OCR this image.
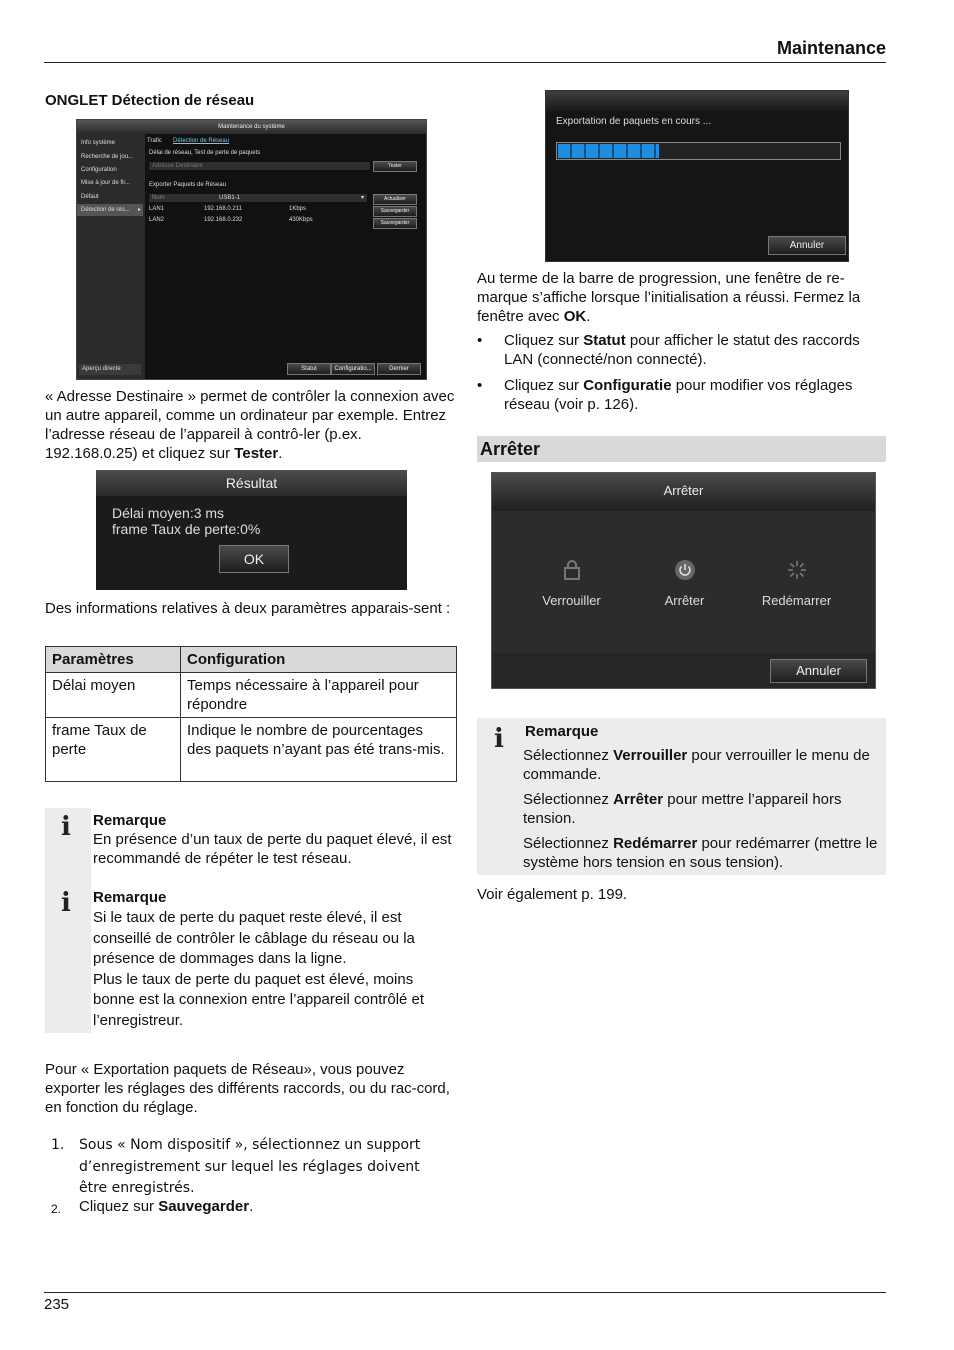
Maintenance
ONGLET Détection de réseau
Maintenance du système
Info système
Recherche de jou...
Configuration
Mise à jour de fir...
Défaut
Détection de rés... ▸
Aperçu directe
Trafic Détection de Réseau
Délai de réseau, Test de perte de paquets
Adresse Destinaire	Tester
Exporter Paquets de Réseau
Nom	USB1-1	▾	Actualiser
LAN1	192.168.0.211	1Kbps	Sauvegarder
LAN2	192.168.0.232	430Kbps	Sauvegarder
Statut	Configuratio...	Dernier

« Adresse Destinaire » permet de contrôler la connexion avec un autre appareil, comme un ordinateur par exemple. Entrez l’adresse réseau de l’appareil à contrô-ler (p.ex. 192.168.0.25) et cliquez sur Tester.

Résultat
Délai moyen:3 ms
frame Taux de perte:0%
OK

Des informations relatives à deux paramètres apparais-sent :

Paramètres	Configuration
Délai moyen	Temps nécessaire à l’appareil pour répondre
frame Taux de perte	Indique le nombre de pourcentages des paquets n’ayant pas été trans-mis.
i
i
Remarque
En présence d’un taux de perte du paquet élevé, il est recommandé de répéter le test réseau.
Remarque
Si le taux de perte du paquet reste élevé, il est conseillé de contrôler le câblage du réseau ou la présence de dommages dans la ligne.
Plus le taux de perte du paquet est élevé, moins bonne est la connexion entre l’appareil contrôlé et l’enregistreur.

Pour « Exportation paquets de Réseau», vous pouvez exporter les réglages des différents raccords, ou du rac-cord, en fonction du réglage.

1. Sous « Nom dispositif », sélectionnez un support d’enregistrement sur lequel les réglages doivent être enregistrés.
2. Cliquez sur Sauvegarder.
Exportation de paquets en cours ...
Annuler

Au terme de la barre de progression, une fenêtre de re-marque s’affiche lorsque l’initialisation a réussi. Fermez la fenêtre avec OK.

• Cliquez sur Statut pour afficher le statut des raccords LAN (connecté/non connecté).
• Cliquez sur Configuratie pour modifier vos réglages réseau (voir p. 126).
Arrêter
Arrêter
Verrouiller	Arrêter	Redémarrer
Annuler
i Remarque
Sélectionnez Verrouiller pour verrouiller le menu de commande.
Sélectionnez Arrêter pour mettre l’appareil hors tension.
Sélectionnez Redémarrer pour redémarrer (mettre le système hors tension en sous tension).

Voir également p. 199.

235
